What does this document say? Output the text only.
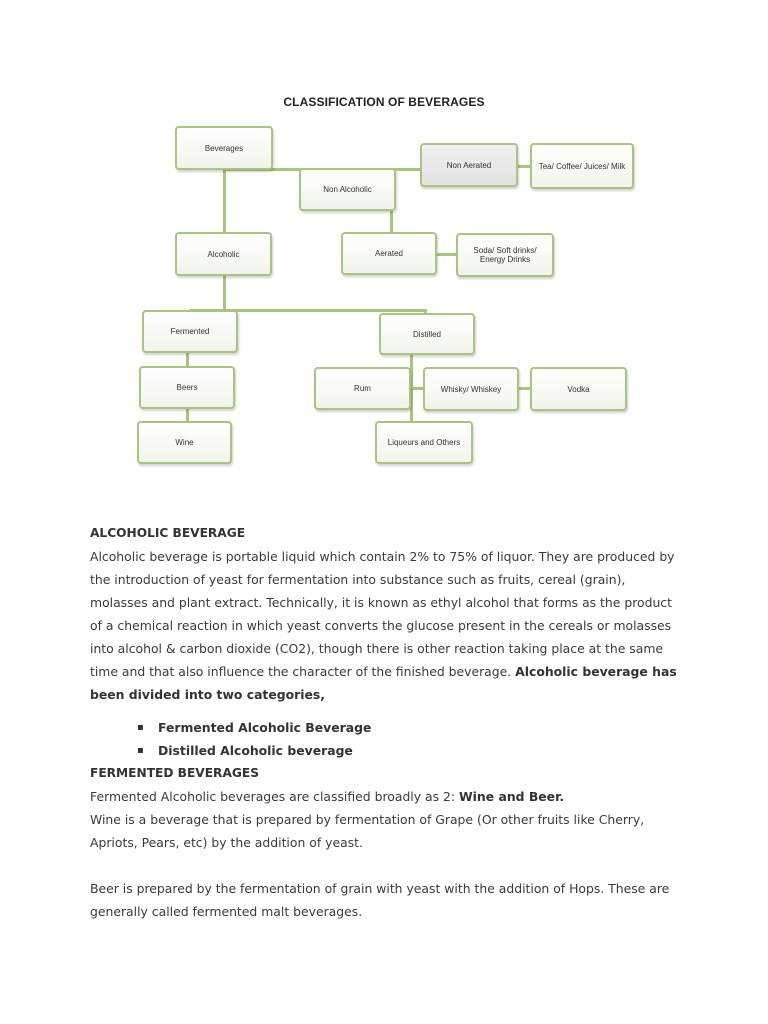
CLASSIFICATION OF BEVERAGES
Beverages
Non Alcoholic
Non Aerated	Tea/ Coffee/ Juices/ Milk
Aerated	Soda/ Soft drinks/ Energy Drinks
Alcoholic
Fermented	Distilled
Beers
Wine
Rum	Whisky/ Whiskey	Vodka
Liqueurs and Others

ALCOHOLIC BEVERAGE

Alcoholic beverage is portable liquid which contain 2% to 75% of liquor. They are produced by the introduction of yeast for fermentation into substance such as fruits, cereal (grain), molasses and plant extract. Technically, it is known as ethyl alcohol that forms as the product of a chemical reaction in which yeast converts the glucose present in the cereals or molasses into alcohol & carbon dioxide (CO2), though there is other reaction taking place at the same time and that also influence the character of the finished beverage. Alcoholic beverage has been divided into two categories,

▪ Fermented Alcoholic Beverage
▪ Distilled Alcoholic beverage

FERMENTED BEVERAGES

Fermented Alcoholic beverages are classified broadly as 2: Wine and Beer.

Wine is a beverage that is prepared by fermentation of Grape (Or other fruits like Cherry, Apriots, Pears, etc) by the addition of yeast.

Beer is prepared by the fermentation of grain with yeast with the addition of Hops. These are generally called fermented malt beverages.
